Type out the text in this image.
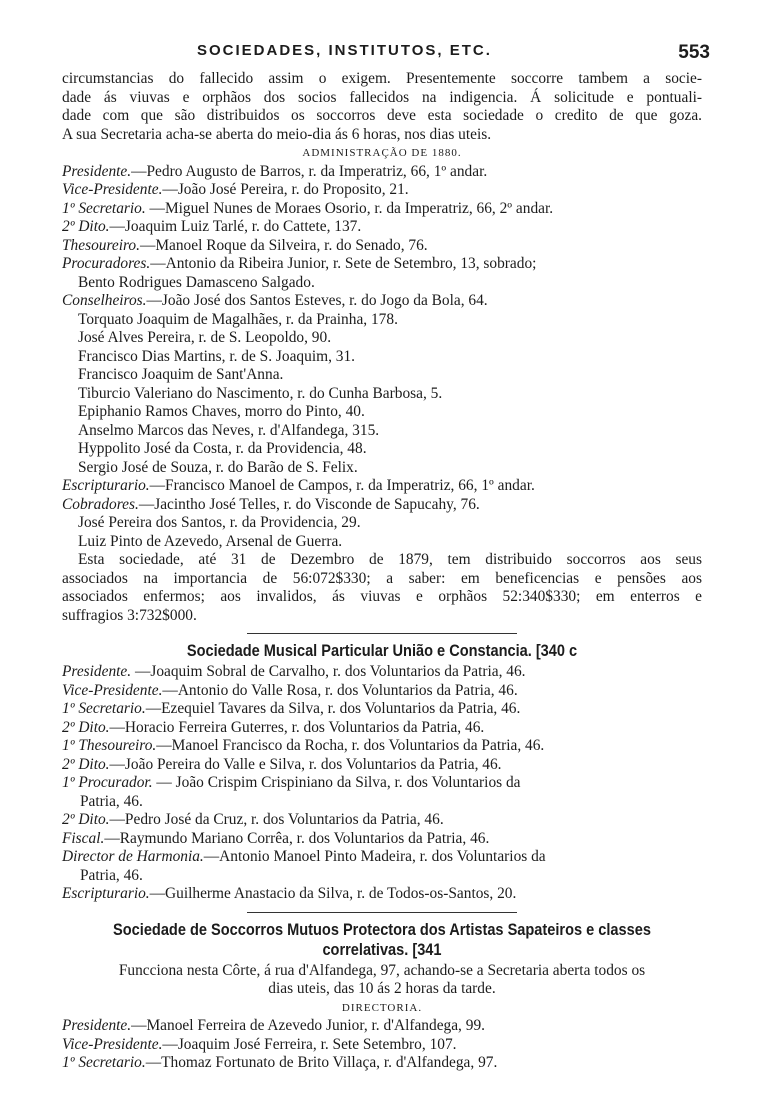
SOCIEDADES, INSTITUTOS, ETC.	553
circumstancias do fallecido assim o exigem. Presentemente soccorre tambem a socie-
dade ás viuvas e orphãos dos socios fallecidos na indigencia. Á solicitude e pontuali-
dade com que são distribuidos os soccorros deve esta sociedade o credito de que goza.
A sua Secretaria acha-se aberta do meio-dia ás 6 horas, nos dias uteis.
ADMINISTRAÇÃO DE 1880.
Presidente.—Pedro Augusto de Barros, r. da Imperatriz, 66, 1º andar.
Vice-Presidente.—João José Pereira, r. do Proposito, 21.
1º Secretario. —Miguel Nunes de Moraes Osorio, r. da Imperatriz, 66, 2º andar.
2º Dito.—Joaquim Luiz Tarlé, r. do Cattete, 137.
Thesoureiro.—Manoel Roque da Silveira, r. do Senado, 76.
Procuradores.—Antonio da Ribeira Junior, r. Sete de Setembro, 13, sobrado;
Bento Rodrigues Damasceno Salgado.
Conselheiros.—João José dos Santos Esteves, r. do Jogo da Bola, 64.
Torquato Joaquim de Magalhães, r. da Prainha, 178.
José Alves Pereira, r. de S. Leopoldo, 90.
Francisco Dias Martins, r. de S. Joaquim, 31.
Francisco Joaquim de Sant'Anna.
Tiburcio Valeriano do Nascimento, r. do Cunha Barbosa, 5.
Epiphanio Ramos Chaves, morro do Pinto, 40.
Anselmo Marcos das Neves, r. d'Alfandega, 315.
Hyppolito José da Costa, r. da Providencia, 48.
Sergio José de Souza, r. do Barão de S. Felix.
Escripturario.—Francisco Manoel de Campos, r. da Imperatriz, 66, 1º andar.
Cobradores.—Jacintho José Telles, r. do Visconde de Sapucahy, 76.
José Pereira dos Santos, r. da Providencia, 29.
Luiz Pinto de Azevedo, Arsenal de Guerra.
Esta sociedade, até 31 de Dezembro de 1879, tem distribuido soccorros aos seus
associados na importancia de 56:072$330; a saber: em beneficencias e pensões aos
associados enfermos; aos invalidos, ás viuvas e orphãos 52:340$330; em enterros e
suffragios 3:732$000.
Sociedade Musical Particular União e Constancia. [340 c
Presidente. —Joaquim Sobral de Carvalho, r. dos Voluntarios da Patria, 46.
Vice-Presidente.—Antonio do Valle Rosa, r. dos Voluntarios da Patria, 46.
1º Secretario.—Ezequiel Tavares da Silva, r. dos Voluntarios da Patria, 46.
2º Dito.—Horacio Ferreira Guterres, r. dos Voluntarios da Patria, 46.
1º Thesoureiro.—Manoel Francisco da Rocha, r. dos Voluntarios da Patria, 46.
2º Dito.—João Pereira do Valle e Silva, r. dos Voluntarios da Patria, 46.
1º Procurador. — João Crispim Crispiniano da Silva, r. dos Voluntarios da
Patria, 46.
2º Dito.—Pedro José da Cruz, r. dos Voluntarios da Patria, 46.
Fiscal.—Raymundo Mariano Corrêa, r. dos Voluntarios da Patria, 46.
Director de Harmonia.—Antonio Manoel Pinto Madeira, r. dos Voluntarios da
Patria, 46.
Escripturario.—Guilherme Anastacio da Silva, r. de Todos-os-Santos, 20.
Sociedade de Soccorros Mutuos Protectora dos Artistas Sapateiros e classes
correlativas. [341
Funcciona nesta Côrte, á rua d'Alfandega, 97, achando-se a Secretaria aberta todos os
dias uteis, das 10 ás 2 horas da tarde.
DIRECTORIA.
Presidente.—Manoel Ferreira de Azevedo Junior, r. d'Alfandega, 99.
Vice-Presidente.—Joaquim José Ferreira, r. Sete Setembro, 107.
1º Secretario.—Thomaz Fortunato de Brito Villaça, r. d'Alfandega, 97.
